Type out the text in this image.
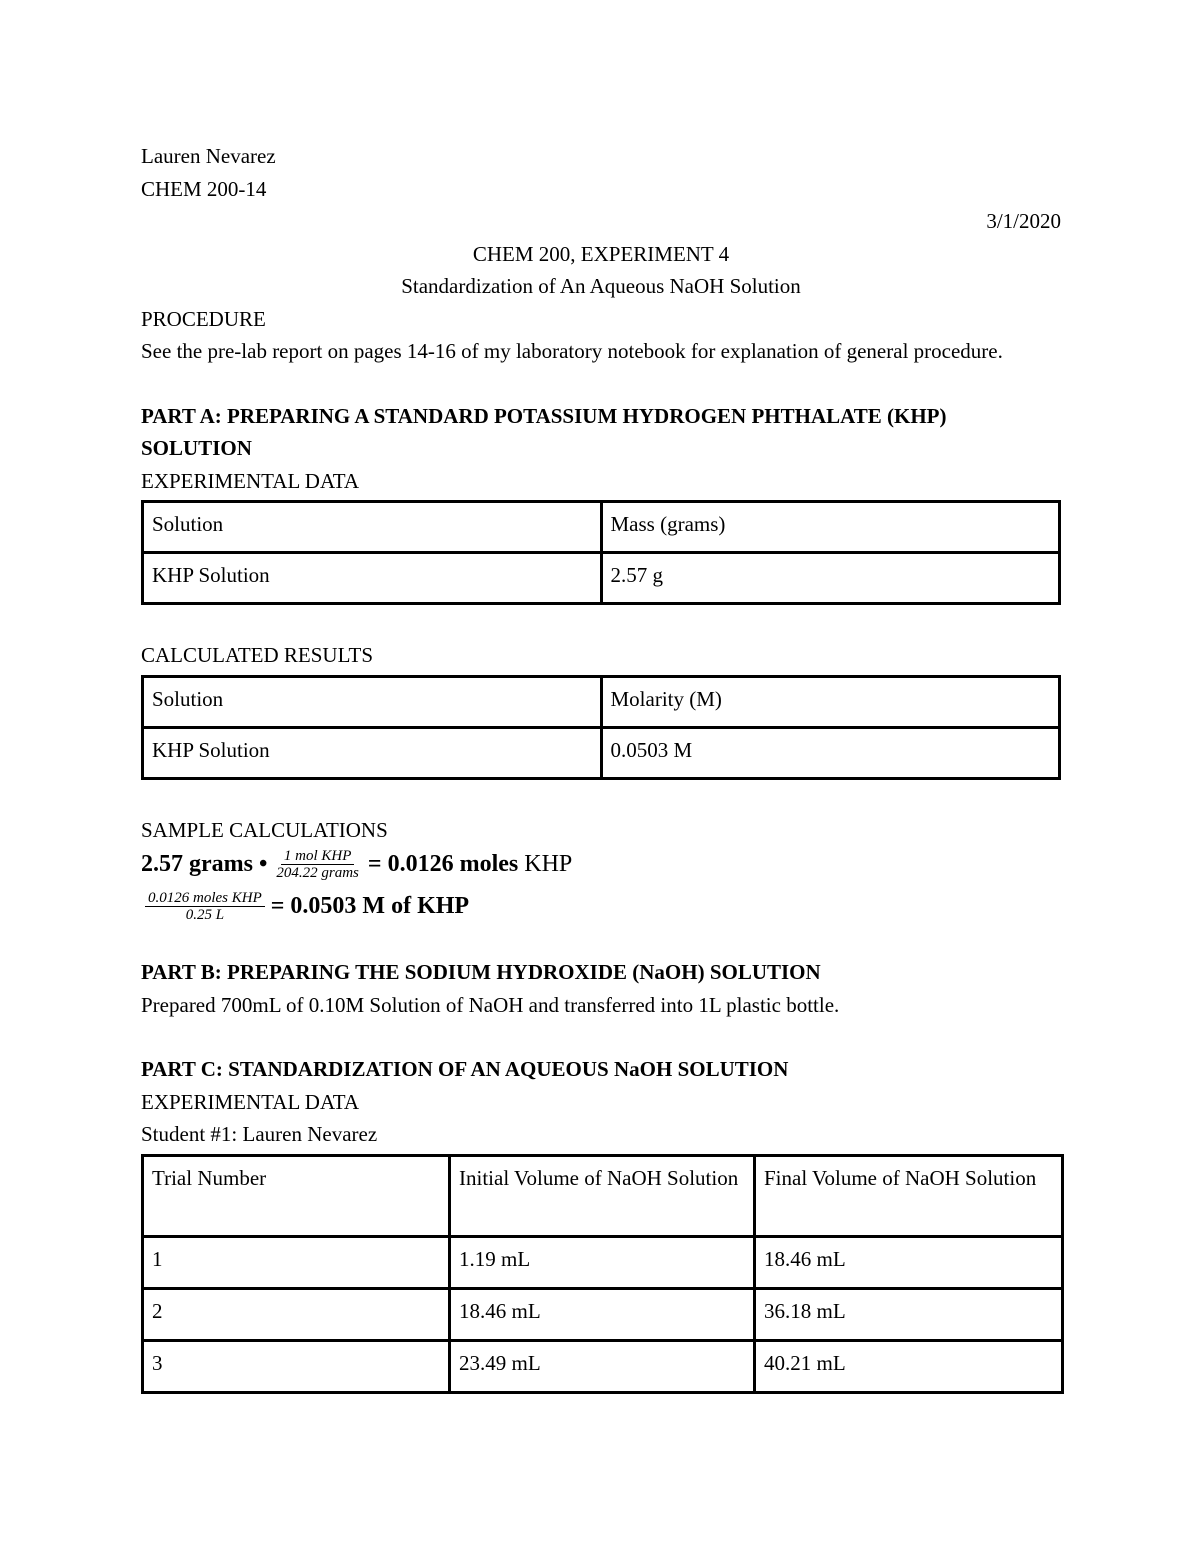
Lauren Nevarez
CHEM 200-14
3/1/2020
CHEM 200, EXPERIMENT 4
Standardization of An Aqueous NaOH Solution
PROCEDURE
See the pre-lab report on pages 14-16 of my laboratory notebook for explanation of general procedure.
PART A: PREPARING A STANDARD POTASSIUM HYDROGEN PHTHALATE (KHP) SOLUTION
EXPERIMENTAL DATA
Solution	Mass (grams)
KHP Solution	2.57 g
CALCULATED RESULTS
Solution	Molarity (M)
KHP Solution	0.0503 M
SAMPLE CALCULATIONS
2.57 grams • $\frac{\text{1 mol KHP}}{\text{204.22 grams}} = 0.0126$ moles KHP
$\frac{\text{0.0126 moles KHP}}{0.25 L} = 0.0503$ M of KHP
PART B: PREPARING THE SODIUM HYDROXIDE (NaOH) SOLUTION
Prepared 700mL of 0.10M Solution of NaOH and transferred into 1L plastic bottle.
PART C: STANDARDIZATION OF AN AQUEOUS NaOH SOLUTION
EXPERIMENTAL DATA
Student #1: Lauren Nevarez
Trial Number	Initial Volume of NaOH Solution	Final Volume of NaOH Solution
1	1.19 mL	18.46 mL
2	18.46 mL	36.18 mL
3	23.49 mL	40.21 mL
